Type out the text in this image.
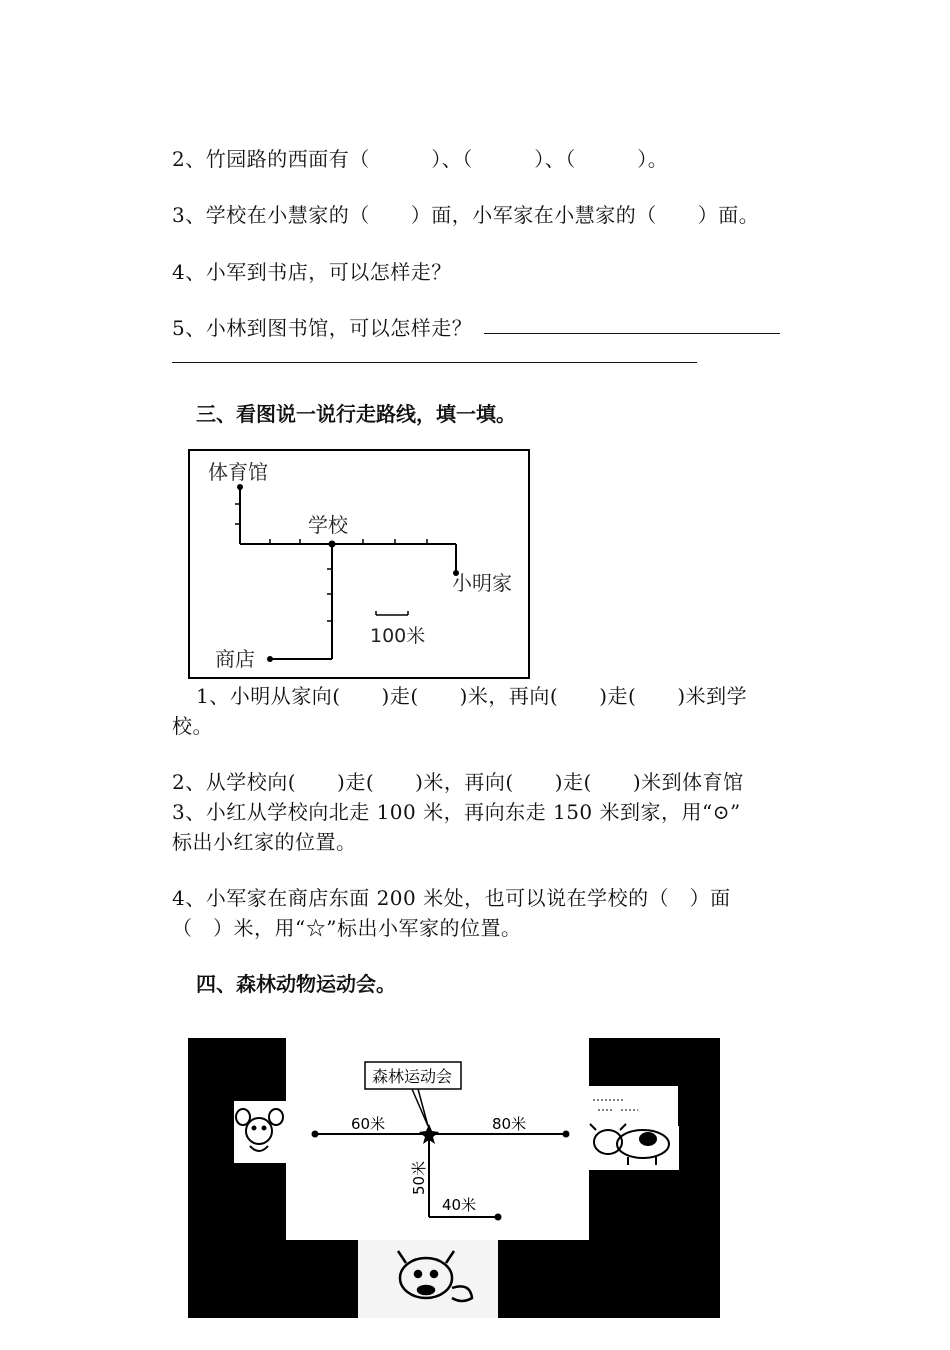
2、竹园路的西面有（　　　）、（　　　）、（　　　）。
3、学校在小慧家的（　　）面，小军家在小慧家的（　　）面。
4、小军到书店，可以怎样走？
5、小林到图书馆，可以怎样走？
三、看图说一说行走路线，填一填。
体育馆
学校
小明家
商店
100米
1、小明从家向(　　)走(　　)米，再向(　　)走(　　)米到学
校。
2、从学校向(　　)走(　　)米，再向(　　)走(　　)米到体育馆
3、小红从学校向北走 100 米，再向东走 150 米到家，用“⊙”
标出小红家的位置。
4、小军家在商店东面 200 米处，也可以说在学校的（　）面
（　）米，用“☆”标出小军家的位置。
四、森林动物运动会。
森林运动会
60米	80米
50米
40米
